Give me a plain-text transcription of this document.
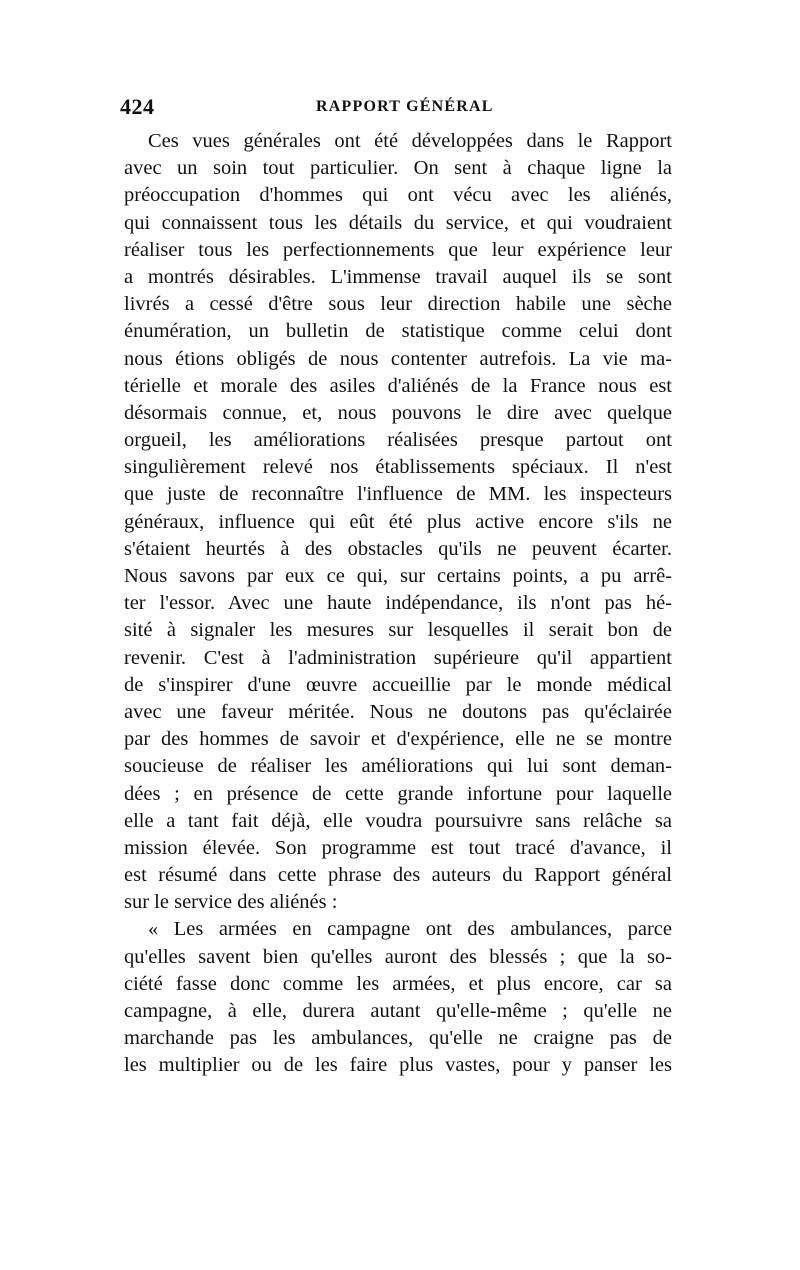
424	RAPPORT GÉNÉRAL
Ces vues générales ont été développées dans le Rapport
avec un soin tout particulier. On sent à chaque ligne la
préoccupation d'hommes qui ont vécu avec les aliénés,
qui connaissent tous les détails du service, et qui voudraient
réaliser tous les perfectionnements que leur expérience leur
a montrés désirables. L'immense travail auquel ils se sont
livrés a cessé d'être sous leur direction habile une sèche
énumération, un bulletin de statistique comme celui dont
nous étions obligés de nous contenter autrefois. La vie ma-
térielle et morale des asiles d'aliénés de la France nous est
désormais connue, et, nous pouvons le dire avec quelque
orgueil, les améliorations réalisées presque partout ont
singulièrement relevé nos établissements spéciaux. Il n'est
que juste de reconnaître l'influence de MM. les inspecteurs
généraux, influence qui eût été plus active encore s'ils ne
s'étaient heurtés à des obstacles qu'ils ne peuvent écarter.
Nous savons par eux ce qui, sur certains points, a pu arrê-
ter l'essor. Avec une haute indépendance, ils n'ont pas hé-
sité à signaler les mesures sur lesquelles il serait bon de
revenir. C'est à l'administration supérieure qu'il appartient
de s'inspirer d'une œuvre accueillie par le monde médical
avec une faveur méritée. Nous ne doutons pas qu'éclairée
par des hommes de savoir et d'expérience, elle ne se montre
soucieuse de réaliser les améliorations qui lui sont deman-
dées ; en présence de cette grande infortune pour laquelle
elle a tant fait déjà, elle voudra poursuivre sans relâche sa
mission élevée. Son programme est tout tracé d'avance, il
est résumé dans cette phrase des auteurs du Rapport général
sur le service des aliénés :
« Les armées en campagne ont des ambulances, parce
qu'elles savent bien qu'elles auront des blessés ; que la so-
ciété fasse donc comme les armées, et plus encore, car sa
campagne, à elle, durera autant qu'elle-même ; qu'elle ne
marchande pas les ambulances, qu'elle ne craigne pas de
les multiplier ou de les faire plus vastes, pour y panser les
